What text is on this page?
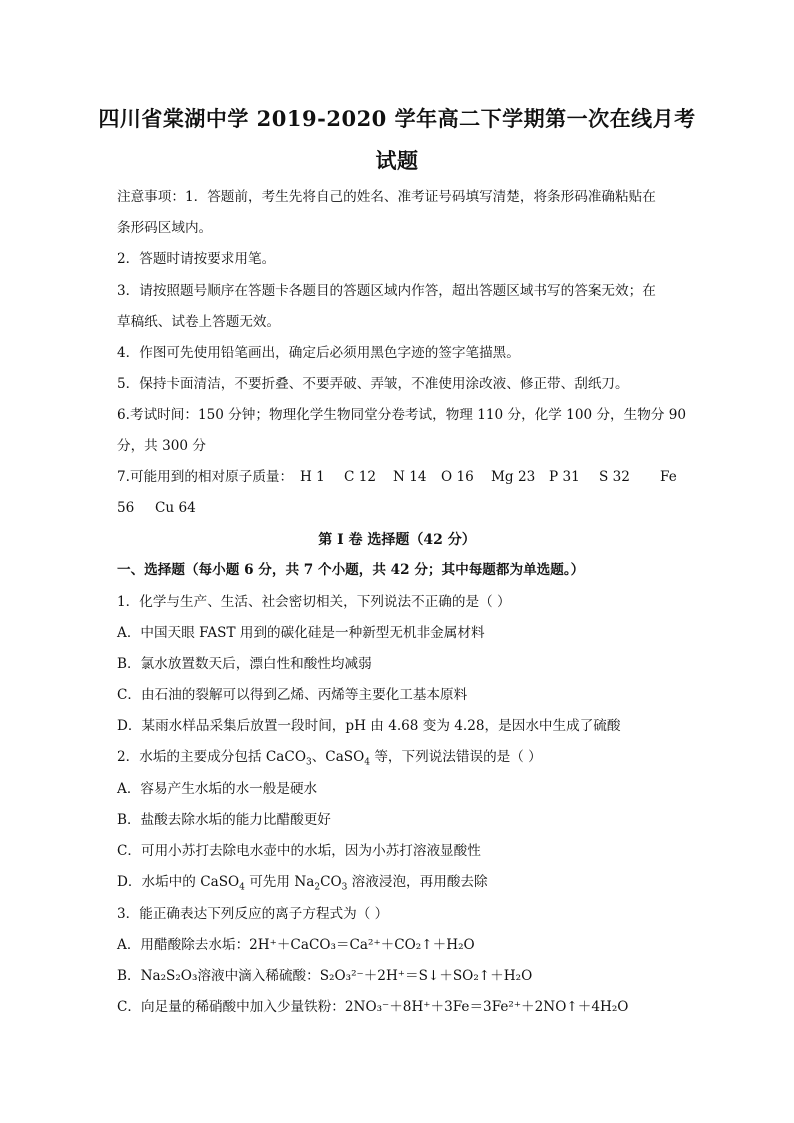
四川省棠湖中学 2019-2020 学年高二下学期第一次在线月考
试题
注意事项：1．答题前，考生先将自己的姓名、准考证号码填写清楚，将条形码准确粘贴在
条形码区域内。
2．答题时请按要求用笔。
3．请按照题号顺序在答题卡各题目的答题区域内作答，超出答题区域书写的答案无效；在
草稿纸、试卷上答题无效。
4．作图可先使用铅笔画出，确定后必须用黑色字迹的签字笔描黑。
5．保持卡面清洁，不要折叠、不要弄破、弄皱，不准使用涂改液、修正带、刮纸刀。
6.考试时间：150 分钟；物理化学生物同堂分卷考试，物理 110 分，化学 100 分，生物分 90
分，共 300 分
7.可能用到的相对原子质量： H 1 C 12 N 14 O 16 Mg 23 P 31 S 32 Fe
56 Cu 64
第 I 卷 选择题（42 分）
一、选择题（每小题 6 分，共 7 个小题，共 42 分；其中每题都为单选题。）
1．化学与生产、生活、社会密切相关，下列说法不正确的是（ ）
A．中国天眼 FAST 用到的碳化硅是一种新型无机非金属材料
B．氯水放置数天后，漂白性和酸性均减弱
C．由石油的裂解可以得到乙烯、丙烯等主要化工基本原料
D．某雨水样品采集后放置一段时间，pH 由 4.68 变为 4.28，是因水中生成了硫酸
2．水垢的主要成分包括 CaCO$_3$、CaSO$_4$ 等，下列说法错误的是（ ）
A．容易产生水垢的水一般是硬水
B．盐酸去除水垢的能力比醋酸更好
C．可用小苏打去除电水壶中的水垢，因为小苏打溶液显酸性
D．水垢中的 CaSO$_4$ 可先用 $Na_2CO_3$ 溶液浸泡，再用酸去除
3．能正确表达下列反应的离子方程式为（ ）
A．用醋酸除去水垢：2H⁺＋CaCO₃＝Ca²⁺＋CO₂↑＋H₂O
B．Na₂S₂O₃溶液中滴入稀硫酸：S₂O₃²⁻＋2H⁺＝S↓＋SO₂↑＋H₂O
C．向足量的稀硝酸中加入少量铁粉：2NO₃⁻＋8H⁺＋3Fe＝3Fe²⁺＋2NO↑＋4H₂O
